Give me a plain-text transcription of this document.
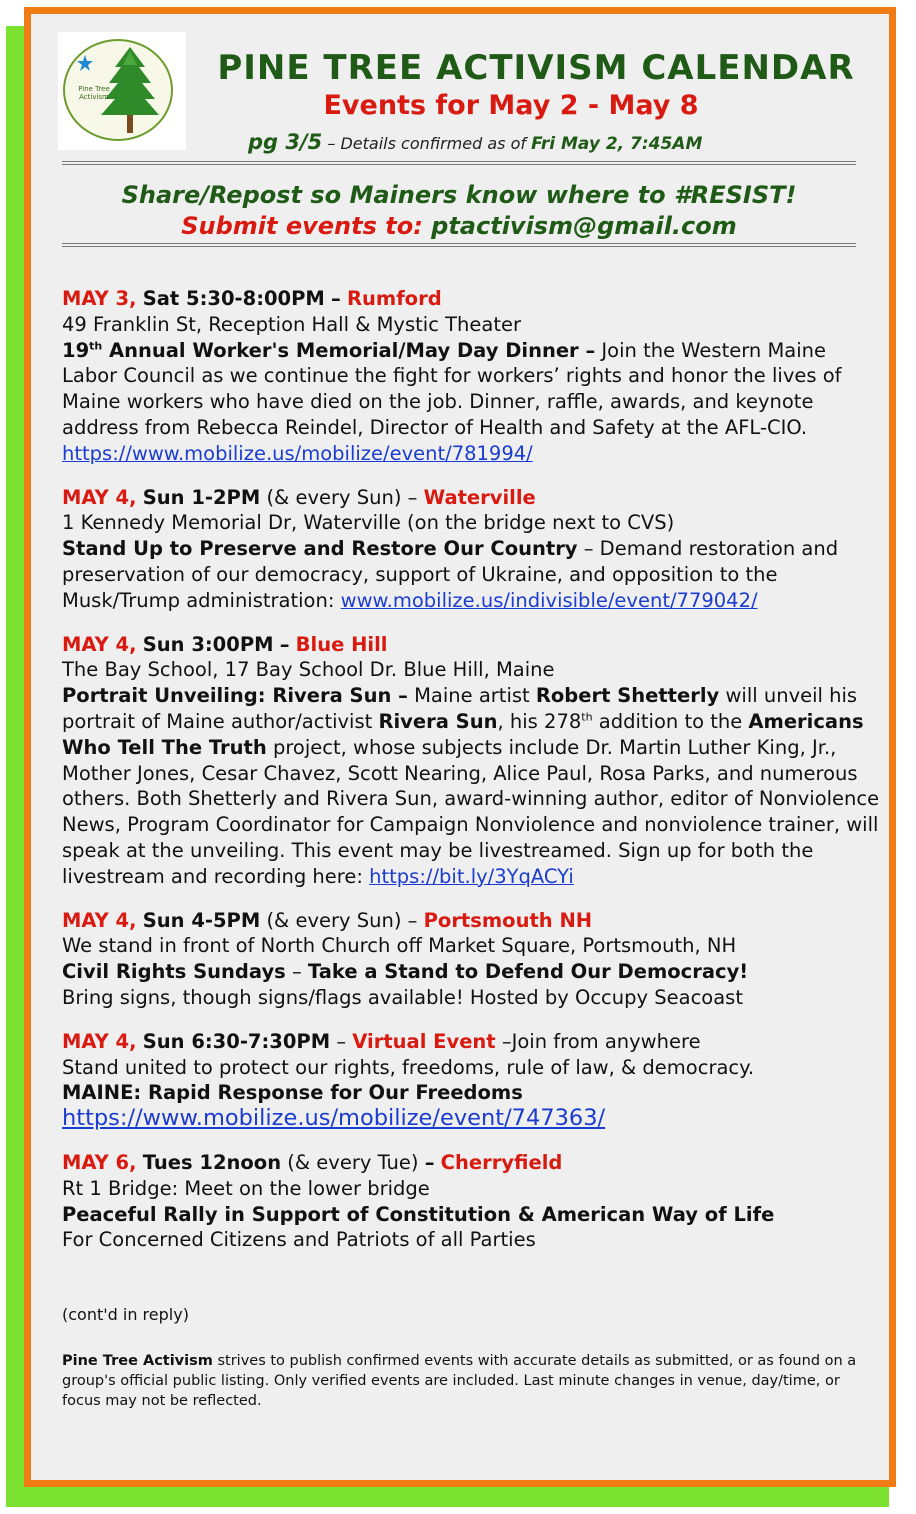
Pine Tree Activism
PINE TREE ACTIVISM CALENDAR
Events for May 2 - May 8
pg 3/5 – Details confirmed as of Fri May 2, 7:45AM
Share/Repost so Mainers know where to #RESIST!
Submit events to: ptactivism@gmail.com
MAY 3, Sat 5:30-8:00PM – Rumford
49 Franklin St, Reception Hall & Mystic Theater
19th Annual Worker's Memorial/May Day Dinner – Join the Western Maine Labor Council as we continue the fight for workers’ rights and honor the lives of Maine workers who have died on the job. Dinner, raffle, awards, and keynote address from Rebecca Reindel, Director of Health and Safety at the AFL-CIO. https://www.mobilize.us/mobilize/event/781994/
MAY 4, Sun 1-2PM (& every Sun) – Waterville
1 Kennedy Memorial Dr, Waterville (on the bridge next to CVS)
Stand Up to Preserve and Restore Our Country – Demand restoration and preservation of our democracy, support of Ukraine, and opposition to the Musk/Trump administration: www.mobilize.us/indivisible/event/779042/
MAY 4, Sun 3:00PM – Blue Hill
The Bay School, 17 Bay School Dr. Blue Hill, Maine
Portrait Unveiling: Rivera Sun – Maine artist Robert Shetterly will unveil his portrait of Maine author/activist Rivera Sun, his 278th addition to the Americans Who Tell The Truth project, whose subjects include Dr. Martin Luther King, Jr., Mother Jones, Cesar Chavez, Scott Nearing, Alice Paul, Rosa Parks, and numerous others. Both Shetterly and Rivera Sun, award-winning author, editor of Nonviolence News, Program Coordinator for Campaign Nonviolence and nonviolence trainer, will speak at the unveiling. This event may be livestreamed. Sign up for both the livestream and recording here: https://bit.ly/3YqACYi
MAY 4, Sun 4-5PM (& every Sun) – Portsmouth NH
We stand in front of North Church off Market Square, Portsmouth, NH
Civil Rights Sundays – Take a Stand to Defend Our Democracy!
Bring signs, though signs/flags available! Hosted by Occupy Seacoast
MAY 4, Sun 6:30-7:30PM – Virtual Event –Join from anywhere
Stand united to protect our rights, freedoms, rule of law, & democracy.
MAINE: Rapid Response for Our Freedoms
https://www.mobilize.us/mobilize/event/747363/
MAY 6, Tues 12noon (& every Tue) – Cherryfield
Rt 1 Bridge: Meet on the lower bridge
Peaceful Rally in Support of Constitution & American Way of Life
For Concerned Citizens and Patriots of all Parties
(cont'd in reply)
Pine Tree Activism strives to publish confirmed events with accurate details as submitted, or as found on a group's official public listing. Only verified events are included. Last minute changes in venue, day/time, or focus may not be reflected.
